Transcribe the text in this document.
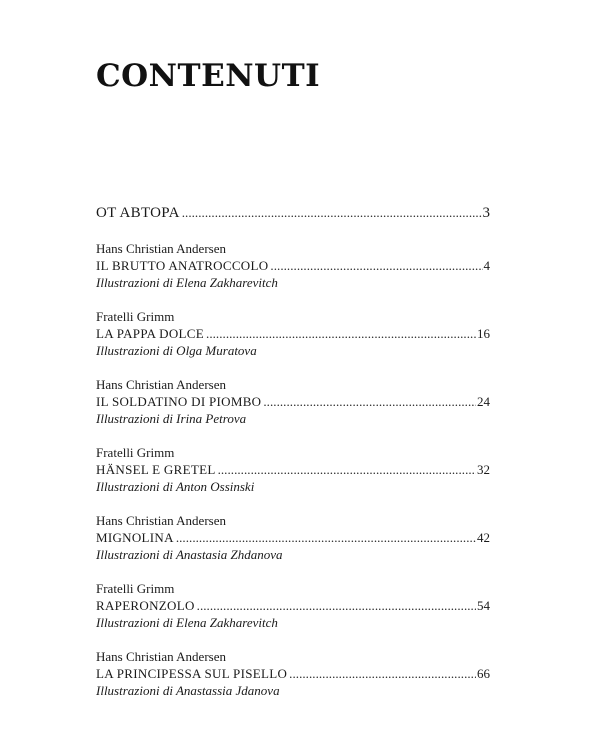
CONTENUTI
OT ABTOPA . . .	3
Hans Christian Andersen
IL BRUTTO ANATROCCOLO . . .	4
Illustrazioni di Elena Zakharevitch
Fratelli Grimm
LA PAPPA DOLCE . . .	16
Illustrazioni di Olga Muratova
Hans Christian Andersen
IL SOLDATINO DI PIOMBO . . .	24
Illustrazioni di Irina Petrova
Fratelli Grimm
HÄNSEL E GRETEL . . .	32
Illustrazioni di Anton Ossinski
Hans Christian Andersen
MIGNOLINA . . .	42
Illustrazioni di Anastasia Zhdanova
Fratelli Grimm
RAPERONZOLO . . .	54
Illustrazioni di Elena Zakharevitch
Hans Christian Andersen
LA PRINCIPESSA SUL PISELLO . . .	66
Illustrazioni di Anastassia Jdanova
